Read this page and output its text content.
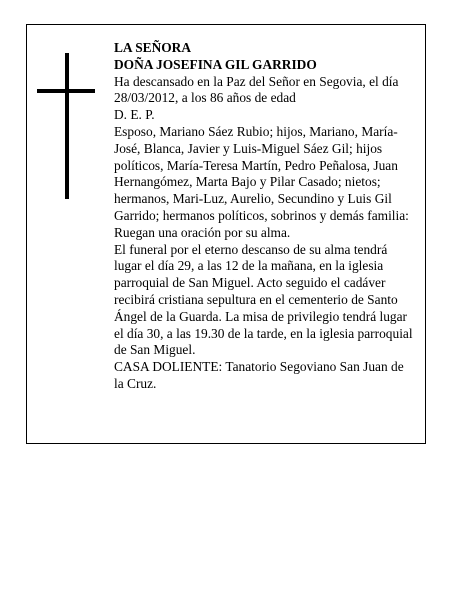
LA SEÑORA

DOÑA JOSEFINA GIL GARRIDO

Ha descansado en la Paz del Señor en Segovia, el día 28/03/2012, a los 86 años de edad

D. E. P.

Esposo, Mariano Sáez Rubio; hijos, Mariano, María-José, Blanca, Javier y Luis-Miguel Sáez Gil; hijos políticos, María-Teresa Martín, Pedro Peñalosa, Juan Hernangómez, Marta Bajo y Pilar Casado; nietos; hermanos, Mari-Luz, Aurelio, Secundino y Luis Gil Garrido; hermanos políticos, sobrinos y demás familia: Ruegan una oración por su alma.

El funeral por el eterno descanso de su alma tendrá lugar el día 29, a las 12 de la mañana, en la iglesia parroquial de San Miguel. Acto seguido el cadáver recibirá cristiana sepultura en el cementerio de Santo Ángel de la Guarda. La misa de privilegio tendrá lugar el día 30, a las 19.30 de la tarde, en la iglesia parroquial de San Miguel.

CASA DOLIENTE: Tanatorio Segoviano San Juan de la Cruz.
